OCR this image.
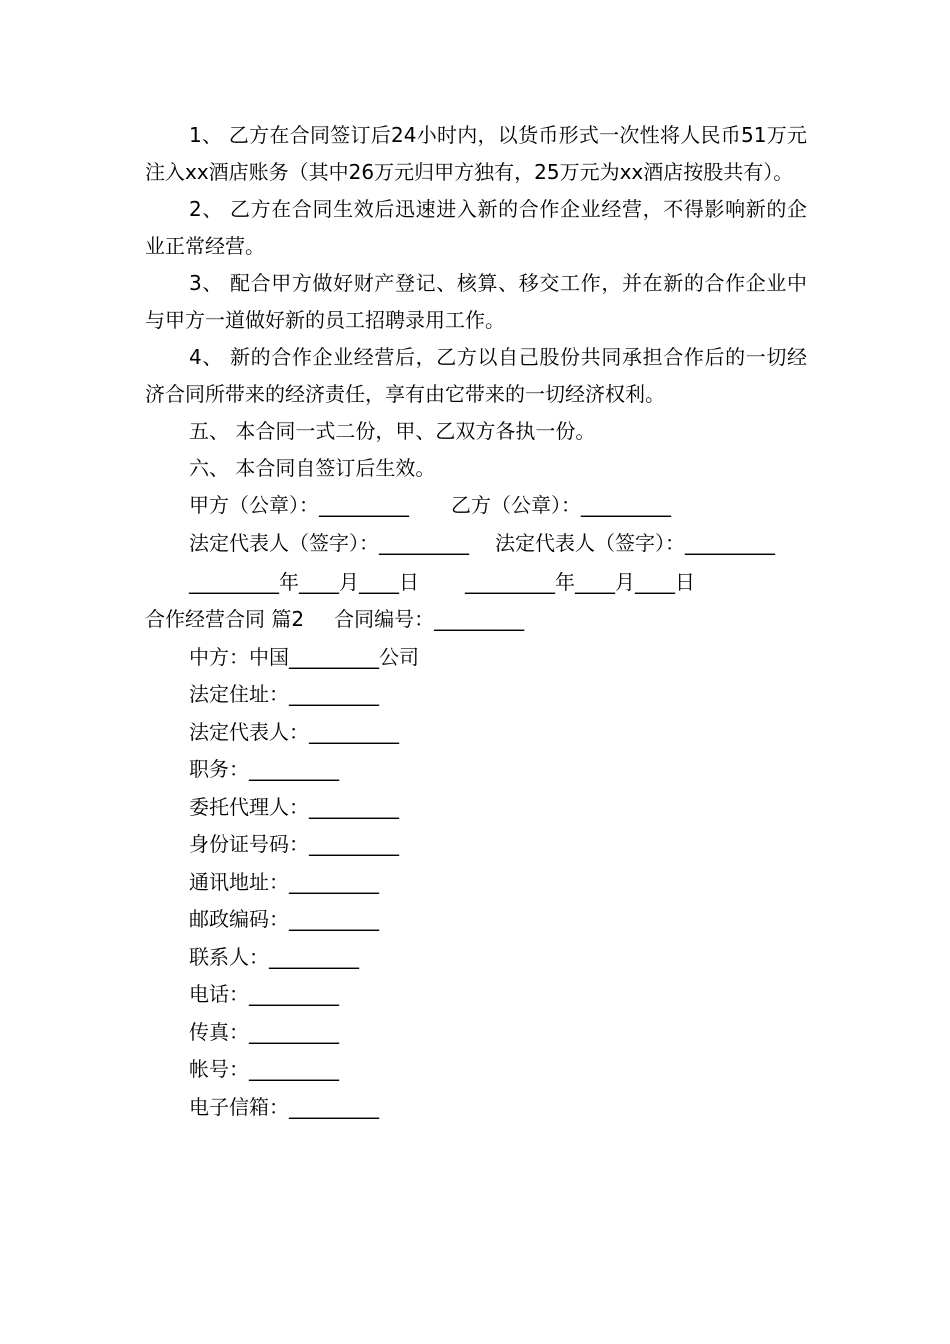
1、 乙方在合同签订后24小时内，以货币形式一次性将人民币51万元注入xx酒店账务（其中26万元归甲方独有，25万元为xx酒店按股共有）。

2、 乙方在合同生效后迅速进入新的合作企业经营，不得影响新的企业正常经营。

3、 配合甲方做好财产登记、核算、移交工作，并在新的合作企业中与甲方一道做好新的员工招聘录用工作。

4、 新的合作企业经营后，乙方以自己股份共同承担合作后的一切经济合同所带来的经济责任，享有由它带来的一切经济权利。

五、 本合同一式二份，甲、乙双方各执一份。

六、 本合同自签订后生效。

甲方（公章）：_________ 乙方（公章）：_________

法定代表人（签字）：_________ 法定代表人（签字）：_________

_________年____月____日 _________年____月____日

合作经营合同 篇2 合同编号：_________

中方：中国_________公司

法定住址：_________

法定代表人：_________

职务：_________

委托代理人：_________

身份证号码：_________

通讯地址：_________

邮政编码：_________

联系人：_________

电话：_________

传真：_________

帐号：_________

电子信箱：_________
